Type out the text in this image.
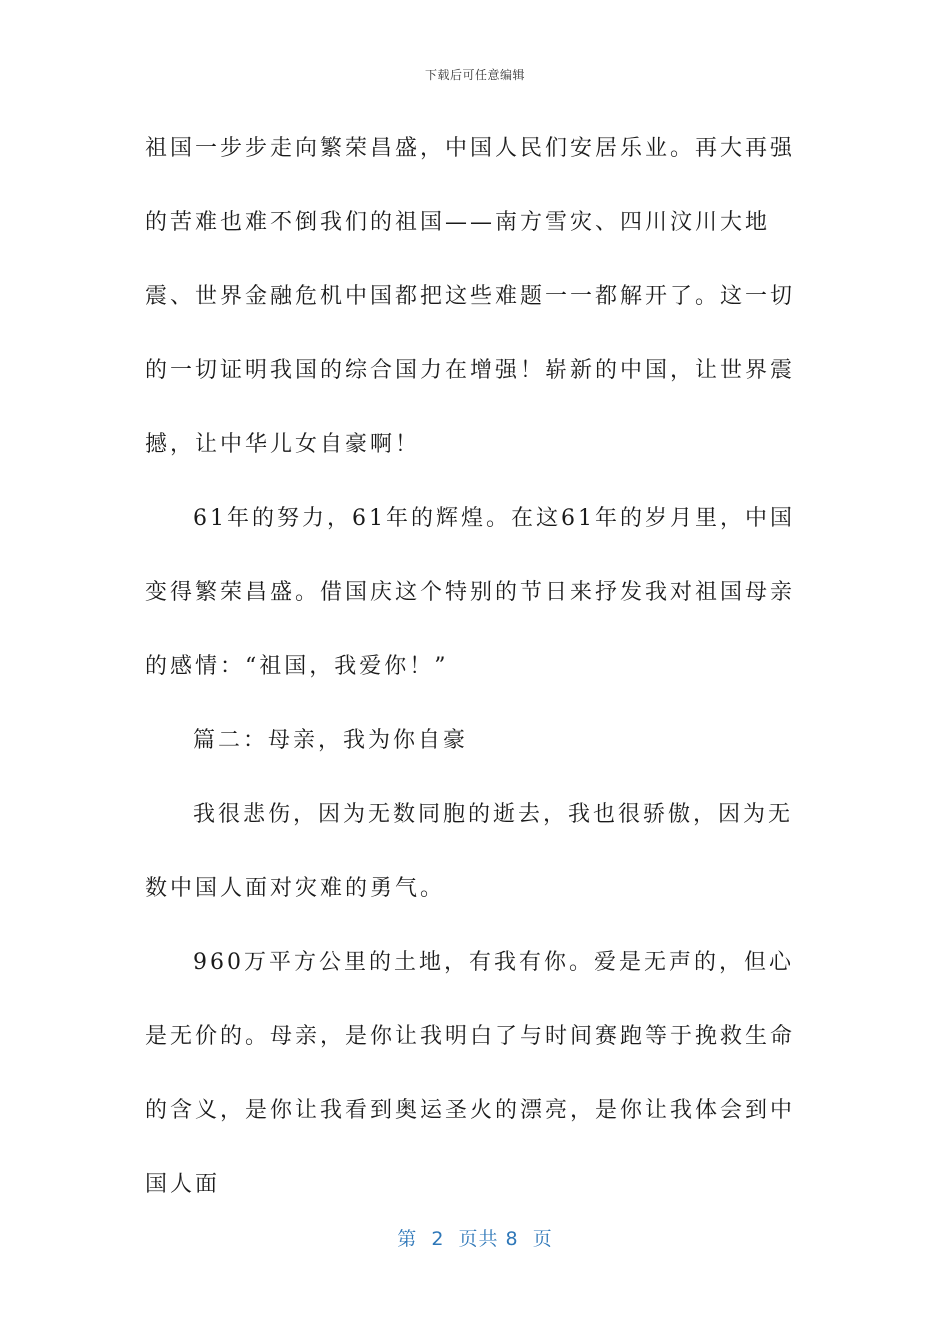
下载后可任意编辑

祖国一步步走向繁荣昌盛，中国人民们安居乐业。再大再强的苦难也难不倒我们的祖国——南方雪灾、四川汶川大地震、世界金融危机中国都把这些难题一一都解开了。这一切的一切证明我国的综合国力在增强！崭新的中国，让世界震撼，让中华儿女自豪啊！

61年的努力，61年的辉煌。在这61年的岁月里，中国变得繁荣昌盛。借国庆这个特别的节日来抒发我对祖国母亲的感情：“祖国，我爱你！”

篇二：母亲，我为你自豪

我很悲伤，因为无数同胞的逝去，我也很骄傲，因为无数中国人面对灾难的勇气。

960万平方公里的土地，有我有你。爱是无声的，但心是无价的。母亲，是你让我明白了与时间赛跑等于挽救生命的含义，是你让我看到奥运圣火的漂亮，是你让我体会到中国人面

第  2  页共 8  页
